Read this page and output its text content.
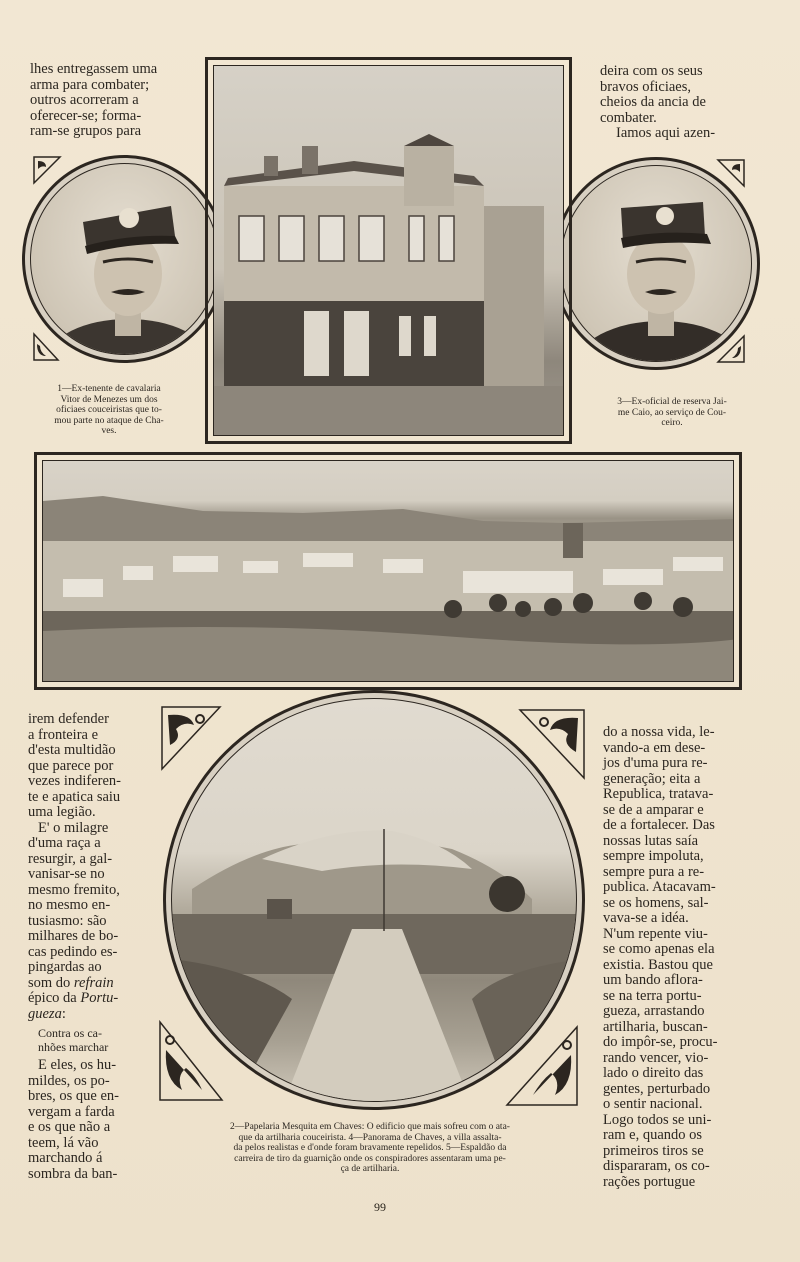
lhes entregassem uma

arma para combater;

outros acorreram a

oferecer-se; forma-

ram-se grupos para

deira com os seus

bravos oficiaes,

cheios da ancia de

combater.

Iamos aqui azen-

1—Ex-tenente de cavalaria
Vitor de Menezes um dos
oficiaes couceiristas que to-
mou parte no ataque de Cha-
ves.
3—Ex-oficial de reserva Jai-
me Caio, ao serviço de Cou-
ceiro.

irem defender

a fronteira e

d'esta multidão

que parece por

vezes indiferen-

te e apatica saiu

uma legião.

E' o milagre

d'uma raça a

resurgir, a gal-

vanisar-se no

mesmo fremito,

no mesmo en-

tusiasmo: são

milhares de bo-

cas pedindo es-

pingardas ao

som do refrain

épico da Portu-

gueza:

Contra os ca-

nhões marchar

E eles, os hu-

mildes, os po-

bres, os que en-

vergam a farda

e os que não a

teem, lá vão

marchando á

sombra da ban-

do a nossa vida, le-

vando-a em dese-

jos d'uma pura re-

generação; eita a

Republica, tratava-

se de a amparar e

de a fortalecer. Das

nossas lutas saía

sempre impoluta,

sempre pura a re-

publica. Atacavam-

se os homens, sal-

vava-se a idéa.

N'um repente viu-

se como apenas ela

existia. Bastou que

um bando aflora-

se na terra portu-

gueza, arrastando

artilharia, buscan-

do impôr-se, procu-

rando vencer, vio-

lado o direito das

gentes, perturbado

o sentir nacional.

Logo todos se uni-

ram e, quando os

primeiros tiros se

dispararam, os co-

rações portugue

2—Papelaria Mesquita em Chaves: O edificio que mais sofreu com o ata-
que da artilharia couceirista. 4—Panorama de Chaves, a villa assalta-
da pelos realistas e d'onde foram bravamente repelidos. 5—Espaldão da
carreira de tiro da guarnição onde os conspiradores assentaram uma pe-
ça de artilharia.
99
